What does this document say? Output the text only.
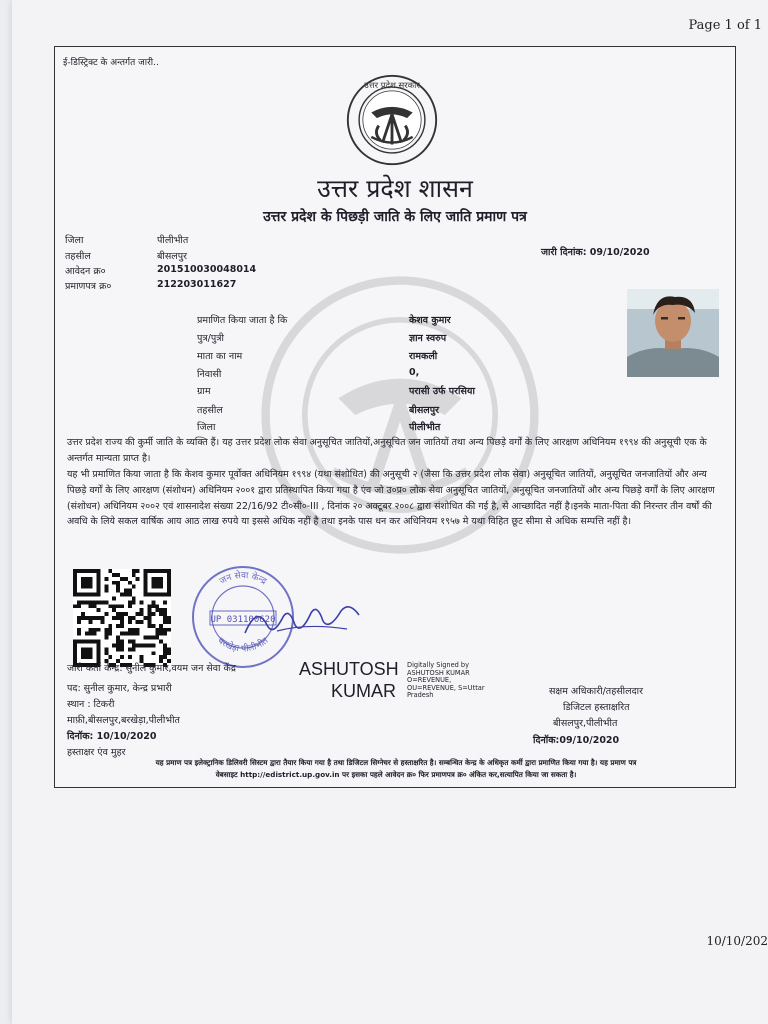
Page 1 of 1
10/10/202
ई-डिस्ट्रिक्ट के अन्तर्गत जारी..
उत्तर प्रदेश सरकार
उत्तर प्रदेश शासन
उत्तर प्रदेश के पिछड़ी जाति के लिए जाति प्रमाण पत्र
जिला	पीलीभीत
तहसील	बीसलपुर
आवेदन क्र०	201510030048014
प्रमाणपत्र क्र०	212203011627
जारी दिनांक: 09/10/2020
प्रमाणित किया जाता है कि	केशव कुमार
पुत्र/पुत्री	ज्ञान स्वरुप
माता का नाम	रामकली
निवासी	0,
ग्राम	परासी उर्फ परसिया
तहसील	बीसलपुर
जिला	पीलीभीत
उत्तर प्रदेश राज्य की कुर्मी जाति के व्यक्ति हैं। यह उत्तर प्रदेश लोक सेवा अनुसूचित जातियों,अनुसूचित जन जातियों तथा अन्य पिछड़े वर्गों के लिए आरक्षण अधिनियम १९९४ की अनुसूची एक के अन्तर्गत मान्यता प्राप्त है।
यह भी प्रमाणित किया जाता है कि केशव कुमार पूर्वोक्त अधिनियम १९९४ (यथा संशोधित) की अनुसूची २ (जैसा कि उत्तर प्रदेश लोक सेवा) अनुसूचित जातियों, अनुसूचित जनजातियों और अन्य पिछड़े वर्गों के लिए आरक्षण (संशोधन) अधिनियम २००१ द्वारा प्रतिस्थापित किया गया है एंव जो उ०प्र० लोक सेवा अनुसूचित जातियों, अनुसूचित जनजातियों और अन्य पिछड़े वर्गों के लिए आरक्षण (संशोधन) अधिनियम २००२ एवं शासनादेश संख्या 22/16/92 टी०सी०-III , दिनांक २० अक्टूबर २००८ द्वारा संशोधित की गई है, से आच्छादित नहीं है।इनके माता-पिता की निरन्तर तीन वर्षों की अवधि के लिये सकल वार्षिक आय आठ लाख रुपये या इससे अधिक नहीं है तथा इनके पास धन कर अधिनियम १९५७ मे यथा विहित छूट सीमा से अधिक सम्पत्ति नहीं है।
जन सेवा केन्द्र
बरखेड़ा पीलीभीत
UP 031100620
जारी कर्ता केन्द्र: सुनील कुमार,वयम जन सेवा केंद्र
पद: सुनील कुमार, केन्द्र प्रभारी
स्थान : टिकरी
माफ़ी,बीसलपुर,बरखेड़ा,पीलीभीत
दिनॉक: 10/10/2020
हस्ताक्षर एंव मुहर
ASHUTOSH
KUMAR
Digitally Signed by
ASHUTOSH KUMAR
O=REVENUE,
OU=REVENUE, S=Uttar
Pradesh	सक्षम अधिकारी/तहसीलदार
डिजिटल हस्ताक्षरित
बीसलपुर,पीलीभीत
दिनॉक:09/10/2020
यह प्रमाण पत्र इलेक्ट्रानिक डिलिवरी सिस्टम द्वारा तैयार किया गया है तथा डिजिटल सिग्नेचर से हस्ताक्षरित है। सम्बन्धित केन्द्र के अधिकृत कर्मी द्वारा प्रमाणित किया गया है। यह प्रमाण पत्र
वेबसाइट http://edistrict.up.gov.in पर इसका पहले आवेदन क्र० फिर प्रमाणपत्र क्र० अंकित कर,सत्यापित किया जा सकता है।
